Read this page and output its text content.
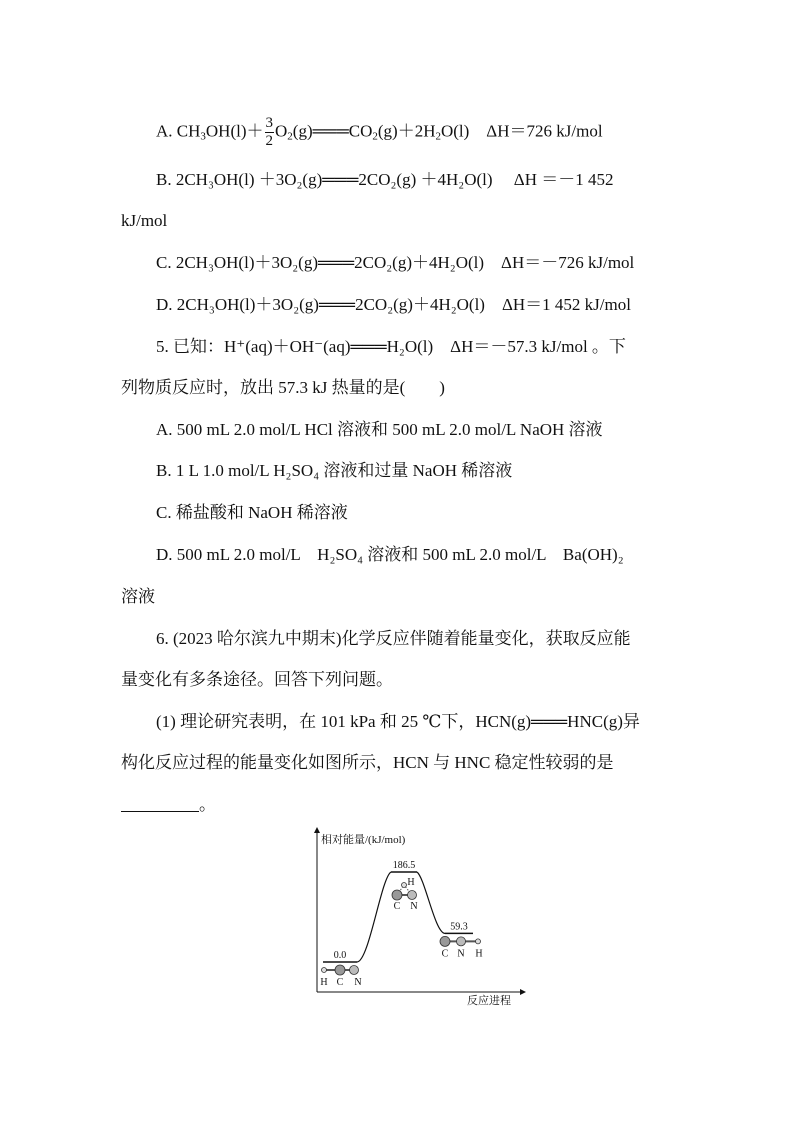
A. $CH_3OH(l)+ \frac{3}{2}$ $O_2(g)═══CO_2(g)+2H_2O(l)$　ΔH＝726 kJ/mol
B. 2CH₃OH(l) ＋3O₂(g)═══2CO₂(g) ＋4H₂O(l)　 ΔH ＝－1 452
kJ/mol
C. 2CH₃OH(l)＋3O₂(g)═══2CO₂(g)＋4H₂O(l)　ΔH＝－726 kJ/mol
D. 2CH₃OH(l)＋3O₂(g)═══2CO₂(g)＋4H₂O(l)　ΔH＝1 452 kJ/mol
5. 已知：H⁺(aq)＋OH⁻(aq)═══H₂O(l)　ΔH＝－57.3 kJ/mol 。下
列物质反应时，放出 57.3 kJ 热量的是(　　)
A. 500 mL 2.0 mol/L HCl 溶液和 500 mL 2.0 mol/L NaOH 溶液
B. 1 L 1.0 mol/L H₂SO₄ 溶液和过量 NaOH 稀溶液
C. 稀盐酸和 NaOH 稀溶液
D. 500 mL 2.0 mol/L　H₂SO₄ 溶液和 500 mL 2.0 mol/L　Ba(OH)₂
溶液
6. (2023 哈尔滨九中期末)化学反应伴随着能量变化，获取反应能
量变化有多条途径。回答下列问题。
(1) 理论研究表明，在 101 kPa 和 25 ℃下，HCN(g)═══HNC(g)异
构化反应过程的能量变化如图所示，HCN 与 HNC 稳定性较弱的是
。
相对能量/(kJ/mol)
反应进程
0.0
H C N
186.5
C N
H
59.3
C N H
